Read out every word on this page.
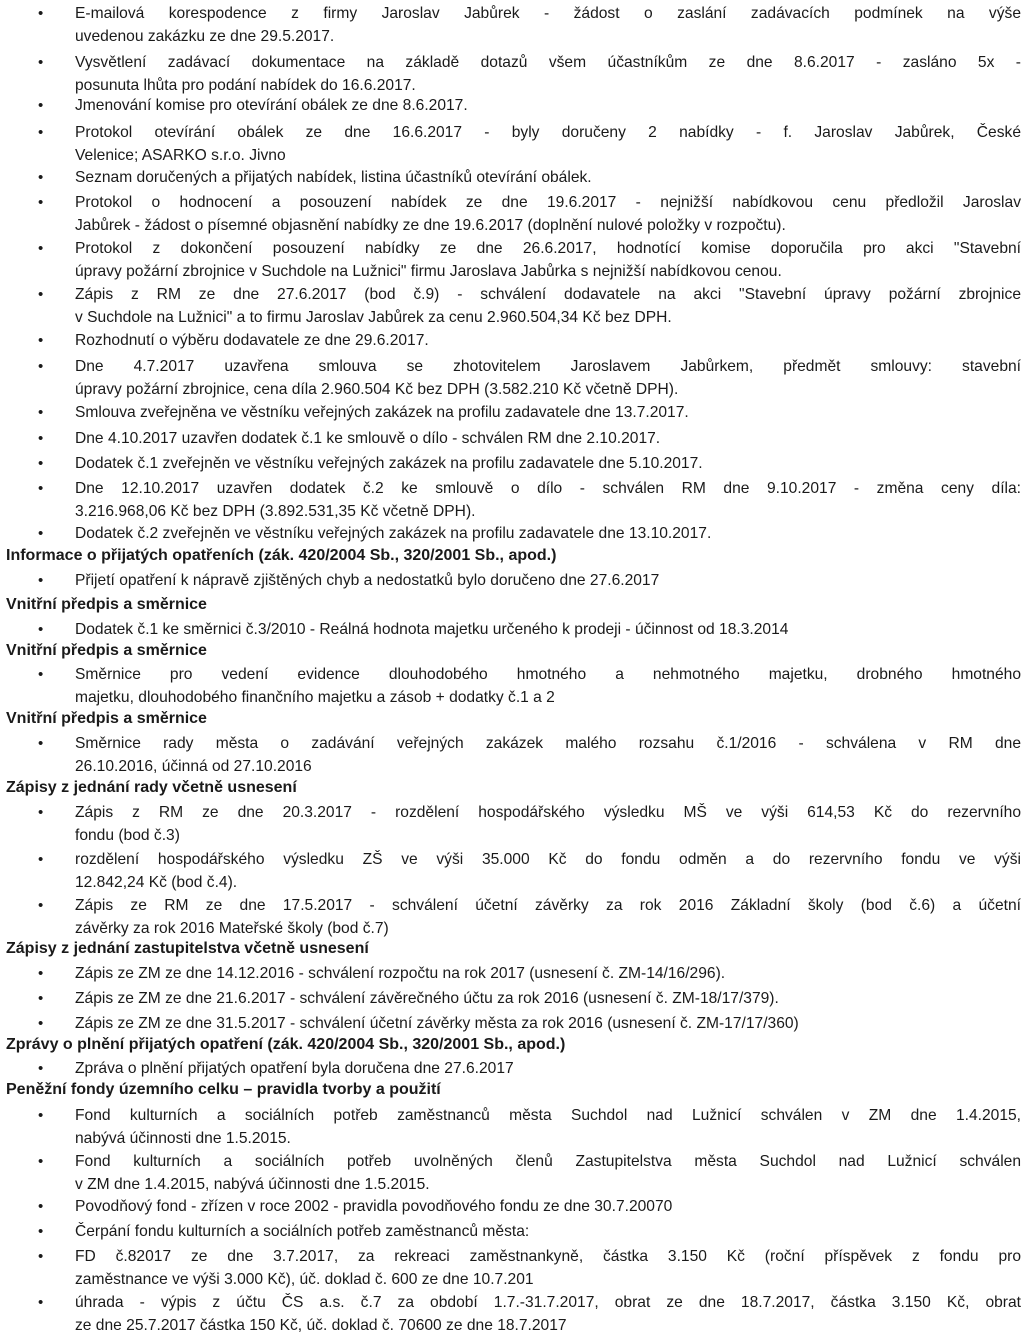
• E-mailová korespodence z firmy Jaroslav Jabůrek - žádost o zaslání zadávacích podmínek na výše
uvedenou zakázku ze dne 29.5.2017.
• Vysvětlení zadávací dokumentace na základě dotazů všem účastníkům ze dne 8.6.2017 - zasláno 5x -
posunuta lhůta pro podání nabídek do 16.6.2017.
• Jmenování komise pro otevírání obálek ze dne 8.6.2017.
• Protokol otevírání obálek ze dne 16.6.2017 - byly doručeny 2 nabídky - f. Jaroslav Jabůrek, České
Velenice; ASARKO s.r.o. Jivno
• Seznam doručených a přijatých nabídek, listina účastníků otevírání obálek.
• Protokol o hodnocení a posouzení nabídek ze dne 19.6.2017 - nejnižší nabídkovou cenu předložil Jaroslav
Jabůrek - žádost o písemné objasnění nabídky ze dne 19.6.2017 (doplnění nulové položky v rozpočtu).
• Protokol z dokončení posouzení nabídky ze dne 26.6.2017, hodnotící komise doporučila pro akci "Stavební
úpravy požární zbrojnice v Suchdole na Lužnici" firmu Jaroslava Jabůrka s nejnižší nabídkovou cenou.
• Zápis z RM ze dne 27.6.2017 (bod č.9) - schválení dodavatele na akci "Stavební úpravy požární zbrojnice
v Suchdole na Lužnici" a to firmu Jaroslav Jabůrek za cenu 2.960.504,34 Kč bez DPH.
• Rozhodnutí o výběru dodavatele ze dne 29.6.2017.
• Dne 4.7.2017 uzavřena smlouva se zhotovitelem Jaroslavem Jabůrkem, předmět smlouvy: stavební
úpravy požární zbrojnice, cena díla 2.960.504 Kč bez DPH (3.582.210 Kč včetně DPH).
• Smlouva zveřejněna ve věstníku veřejných zakázek na profilu zadavatele dne 13.7.2017.
• Dne 4.10.2017 uzavřen dodatek č.1 ke smlouvě o dílo - schválen RM dne 2.10.2017.
• Dodatek č.1 zveřejněn ve věstníku veřejných zakázek na profilu zadavatele dne 5.10.2017.
• Dne 12.10.2017 uzavřen dodatek č.2 ke smlouvě o dílo - schválen RM dne 9.10.2017 - změna ceny díla:
3.216.968,06 Kč bez DPH (3.892.531,35 Kč včetně DPH).
• Dodatek č.2 zveřejněn ve věstníku veřejných zakázek na profilu zadavatele dne 13.10.2017.
Informace o přijatých opatřeních (zák. 420/2004 Sb., 320/2001 Sb., apod.)
• Přijetí opatření k nápravě zjištěných chyb a nedostatků bylo doručeno dne 27.6.2017
Vnitřní předpis a směrnice
• Dodatek č.1 ke směrnici č.3/2010 - Reálná hodnota majetku určeného k prodeji - účinnost od 18.3.2014
Vnitřní předpis a směrnice
• Směrnice pro vedení evidence dlouhodobého hmotného a nehmotného majetku, drobného hmotného
majetku, dlouhodobého finančního majetku a zásob + dodatky č.1 a 2
Vnitřní předpis a směrnice
• Směrnice rady města o zadávání veřejných zakázek malého rozsahu č.1/2016 - schválena v RM dne
26.10.2016, účinná od 27.10.2016
Zápisy z jednání rady včetně usnesení
• Zápis z RM ze dne 20.3.2017 - rozdělení hospodářského výsledku MŠ ve výši 614,53 Kč do rezervního
fondu (bod č.3)
• rozdělení hospodářského výsledku ZŠ ve výši 35.000 Kč do fondu odměn a do rezervního fondu ve výši
12.842,24 Kč (bod č.4).
• Zápis ze RM ze dne 17.5.2017 - schválení účetní závěrky za rok 2016 Základní školy (bod č.6) a účetní
závěrky za rok 2016 Mateřské školy (bod č.7)
Zápisy z jednání zastupitelstva včetně usnesení
• Zápis ze ZM ze dne 14.12.2016 - schválení rozpočtu na rok 2017 (usnesení č. ZM-14/16/296).
• Zápis ze ZM ze dne 21.6.2017 - schválení závěrečného účtu za rok 2016 (usnesení č. ZM-18/17/379).
• Zápis ze ZM ze dne 31.5.2017 - schválení účetní závěrky města za rok 2016 (usnesení č. ZM-17/17/360)
Zprávy o plnění přijatých opatření (zák. 420/2004 Sb., 320/2001 Sb., apod.)
• Zpráva o plnění přijatých opatření byla doručena dne 27.6.2017
Peněžní fondy územního celku – pravidla tvorby a použití
• Fond kulturních a sociálních potřeb zaměstnanců města Suchdol nad Lužnicí schválen v ZM dne 1.4.2015,
nabývá účinnosti dne 1.5.2015.
• Fond kulturních a sociálních potřeb uvolněných členů Zastupitelstva města Suchdol nad Lužnicí schválen
v ZM dne 1.4.2015, nabývá účinnosti dne 1.5.2015.
• Povodňový fond - zřízen v roce 2002 - pravidla povodňového fondu ze dne 30.7.20070
• Čerpání fondu kulturních a sociálních potřeb zaměstnanců města:
• FD č.82017 ze dne 3.7.2017, za rekreaci zaměstnankyně, částka 3.150 Kč (roční příspěvek z fondu pro
zaměstnance ve výši 3.000 Kč), úč. doklad č. 600 ze dne 10.7.201
• úhrada - výpis z účtu ČS a.s. č.7 za období 1.7.-31.7.2017, obrat ze dne 18.7.2017, částka 3.150 Kč, obrat
ze dne 25.7.2017 částka 150 Kč, úč. doklad č. 70600 ze dne 18.7.2017
